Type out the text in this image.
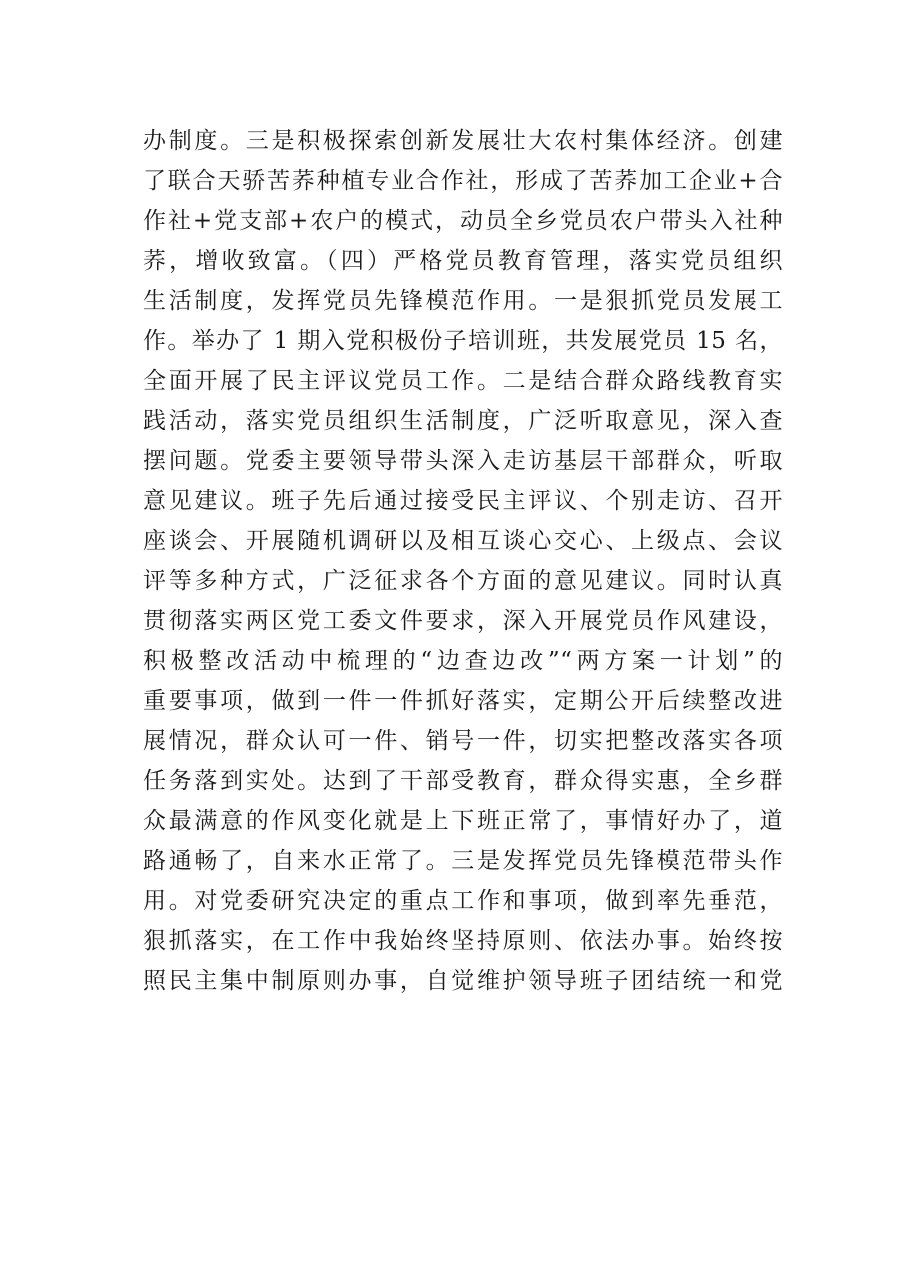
办制度。三是积极探索创新发展壮大农村集体经济。创建
了联合天骄苦荞种植专业合作社，形成了苦荞加工企业+合
作社+党支部+农户的模式，动员全乡党员农户带头入社种
荞，增收致富。（四）严格党员教育管理，落实党员组织
生活制度，发挥党员先锋模范作用。一是狠抓党员发展工
作。举办了 1 期入党积极份子培训班，共发展党员 15 名，
全面开展了民主评议党员工作。二是结合群众路线教育实
践活动，落实党员组织生活制度，广泛听取意见，深入查
摆问题。党委主要领导带头深入走访基层干部群众，听取
意见建议。班子先后通过接受民主评议、个别走访、召开
座谈会、开展随机调研以及相互谈心交心、上级点、会议
评等多种方式，广泛征求各个方面的意见建议。同时认真
贯彻落实两区党工委文件要求，深入开展党员作风建设，
积极整改活动中梳理的“边查边改”“两方案一计划”的
重要事项，做到一件一件抓好落实，定期公开后续整改进
展情况，群众认可一件、销号一件，切实把整改落实各项
任务落到实处。达到了干部受教育，群众得实惠，全乡群
众最满意的作风变化就是上下班正常了，事情好办了，道
路通畅了，自来水正常了。三是发挥党员先锋模范带头作
用。对党委研究决定的重点工作和事项，做到率先垂范，
狠抓落实，在工作中我始终坚持原则、依法办事。始终按
照民主集中制原则办事，自觉维护领导班子团结统一和党
